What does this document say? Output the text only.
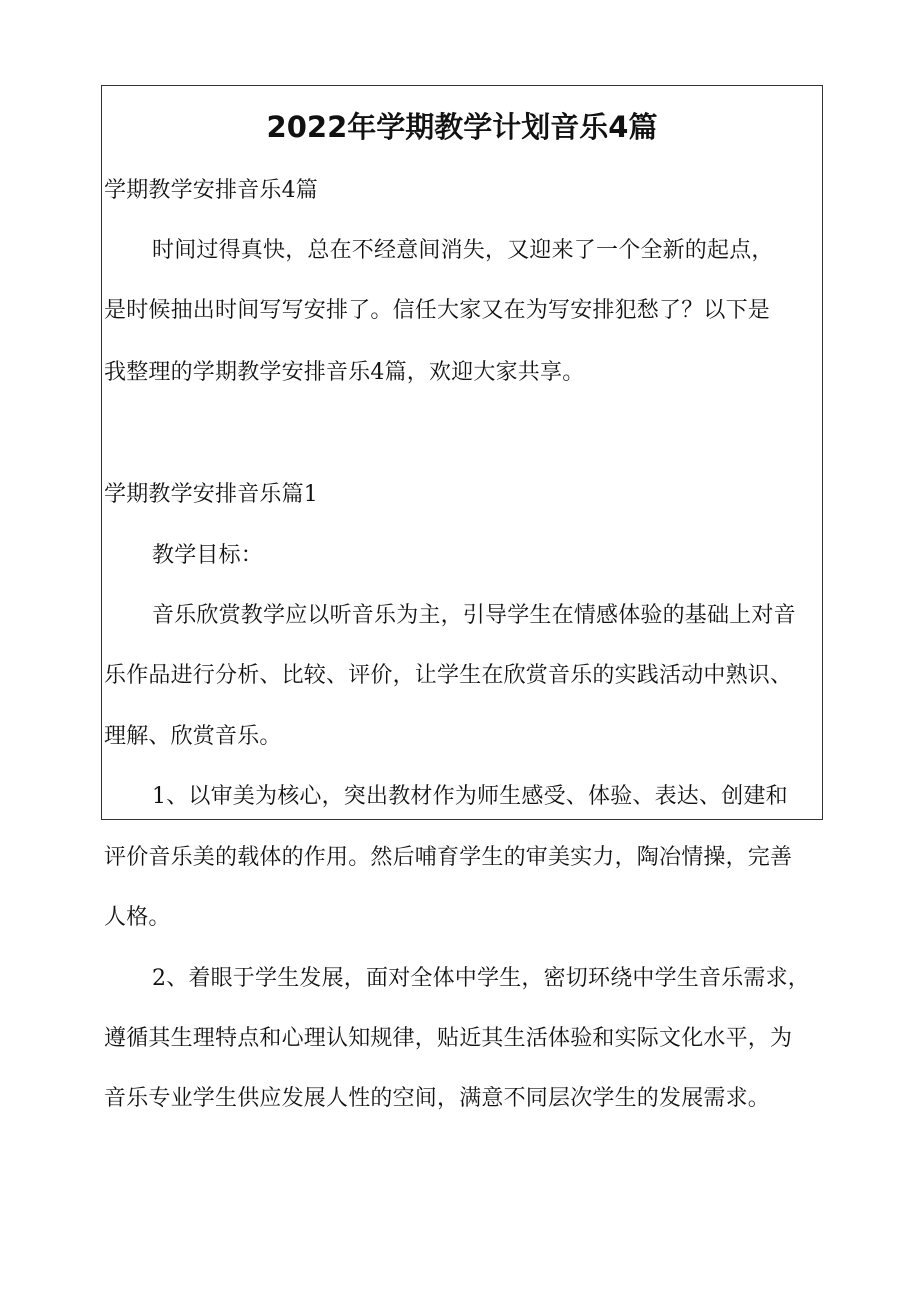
2022年学期教学计划音乐4篇
学期教学安排音乐4篇
时间过得真快，总在不经意间消失，又迎来了一个全新的起点，
是时候抽出时间写写安排了。信任大家又在为写安排犯愁了？以下是
我整理的学期教学安排音乐4篇，欢迎大家共享。
学期教学安排音乐篇1
教学目标：
音乐欣赏教学应以听音乐为主，引导学生在情感体验的基础上对音
乐作品进行分析、比较、评价，让学生在欣赏音乐的实践活动中熟识、
理解、欣赏音乐。
1、以审美为核心，突出教材作为师生感受、体验、表达、创建和
评价音乐美的载体的作用。然后哺育学生的审美实力，陶冶情操，完善
人格。
2、着眼于学生发展，面对全体中学生，密切环绕中学生音乐需求，
遵循其生理特点和心理认知规律，贴近其生活体验和实际文化水平，为
音乐专业学生供应发展人性的空间，满意不同层次学生的发展需求。
